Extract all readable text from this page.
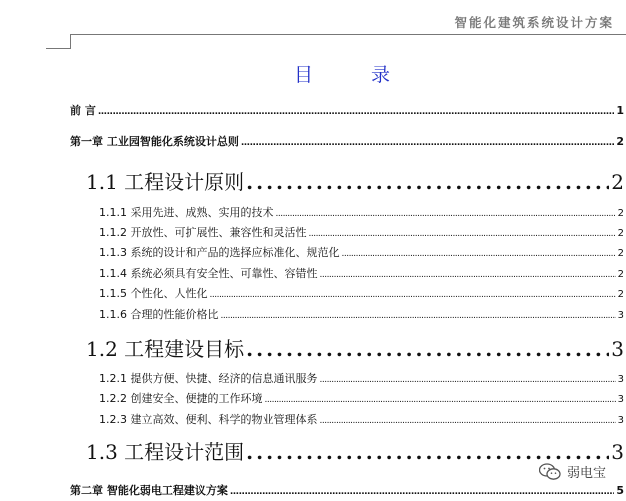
智能化建筑系统设计方案
目 录
前 言 .....	1
第一章 工业园智能化系统设计总则 .....	2
1.1 工程设计原则 .....	2
1.1.1 采用先进、成熟、实用的技术 .....	2
1.1.2 开放性、可扩展性、兼容性和灵活性 .....	2
1.1.3 系统的设计和产品的选择应标准化、规范化 .....	2
1.1.4 系统必须具有安全性、可靠性、容错性 .....	2
1.1.5 个性化、人性化 .....	2
1.1.6 合理的性能价格比 .....	3
1.2 工程建设目标 .....	3
1.2.1 提供方便、快捷、经济的信息通讯服务 .....	3
1.2.2 创建安全、便捷的工作环境 .....	3
1.2.3 建立高效、便利、科学的物业管理体系 .....	3
1.3 工程设计范围 .....	3
第二章 智能化弱电工程建议方案 .....	5
弱电宝
